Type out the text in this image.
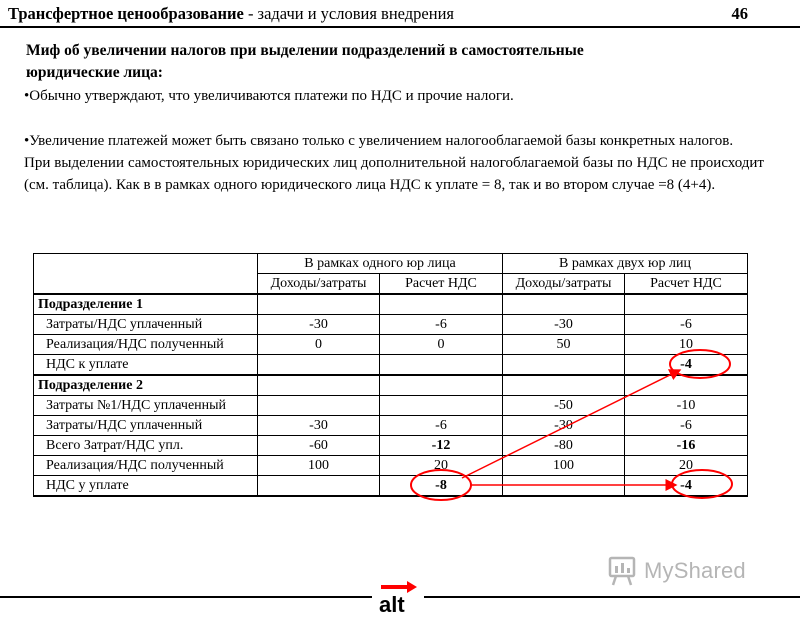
Трансфертное ценообразование - задачи и условия внедрения	46
Миф об увеличении налогов при выделении подразделений в самостоятельные
юридические лица:
•Обычно утверждают, что увеличиваются платежи по НДС и прочие налоги.

•Увеличение платежей может быть связано только с увеличением налогооблагаемой базы конкретных налогов.

При выделении самостоятельных юридических лиц дополнительной налогоблагаемой базы по НДС не происходит (см. таблица). Как в в рамках одного юридического лица НДС к уплате = 8, так и во втором случае =8 (4+4).

	В рамках одного юр лица		В рамках двух юр лиц	
	Доходы/затраты	Расчет НДС	Доходы/затраты	Расчет НДС
Подразделение 1				
Затраты/НДС уплаченный	-30	-6	-30	-6
Реализация/НДС полученный	0	0	50	10
НДС к уплате				-4
Подразделение 2				
Затраты №1/НДС уплаченный			-50	-10
Затраты/НДС уплаченный	-30	-6	-30	-6
Всего Затрат/НДС упл.	-60	-12	-80	-16
Реализация/НДС полученный	100	20	100	20
НДС у уплате		-8		-4
MyShared
alt
